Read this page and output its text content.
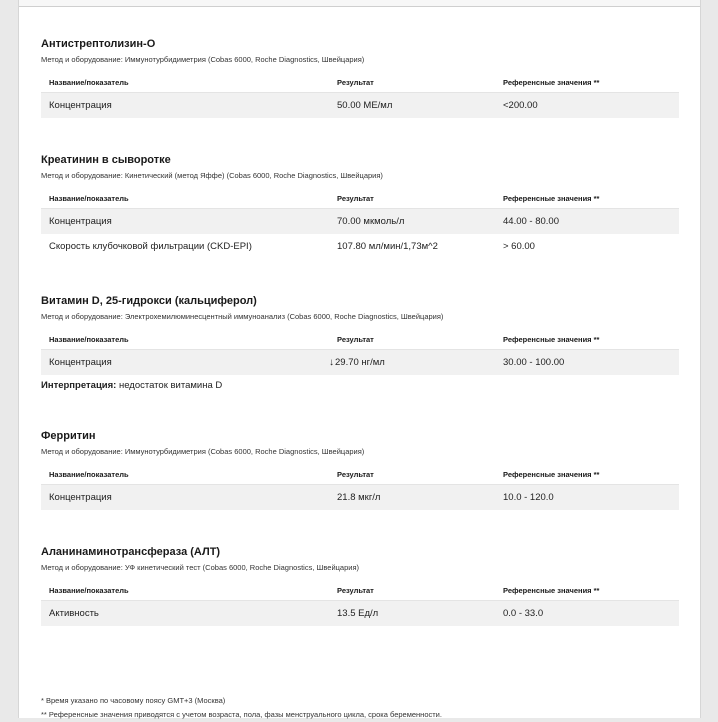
Антистрептолизин-О
Метод и оборудование: Иммунотурбидиметрия (Cobas 6000, Roche Diagnostics, Швейцария)
Название/показатель	Результат	Референсные значения **
Концентрация	50.00 МЕ/мл	<200.00
Креатинин в сыворотке
Метод и оборудование: Кинетический (метод Яффе) (Cobas 6000, Roche Diagnostics, Швейцария)
Название/показатель	Результат	Референсные значения **
Концентрация	70.00 мкмоль/л	44.00 - 80.00
Скорость клубочковой фильтрации (CKD-EPI)	107.80 мл/мин/1,73м^2	> 60.00
Витамин D, 25-гидрокси (кальциферол)
Метод и оборудование: Электрохемилюминесцентный иммуноанализ (Cobas 6000, Roche Diagnostics, Швейцария)
Название/показатель	Результат	Референсные значения **
Концентрация	↓ 29.70 нг/мл	30.00 - 100.00
Интерпретация: недостаток витамина D
Ферритин
Метод и оборудование: Иммунотурбидиметрия (Cobas 6000, Roche Diagnostics, Швейцария)
Название/показатель	Результат	Референсные значения **
Концентрация	21.8 мкг/л	10.0 - 120.0
Аланинаминотрансфераза (АЛТ)
Метод и оборудование: УФ кинетический тест (Cobas 6000, Roche Diagnostics, Швейцария)
Название/показатель	Результат	Референсные значения **
Активность	13.5 Ед/л	0.0 - 33.0
* Время указано по часовому поясу GMT+3 (Москва)
** Референсные значения приводятся с учетом возраста, пола, фазы менструального цикла, срока беременности.
